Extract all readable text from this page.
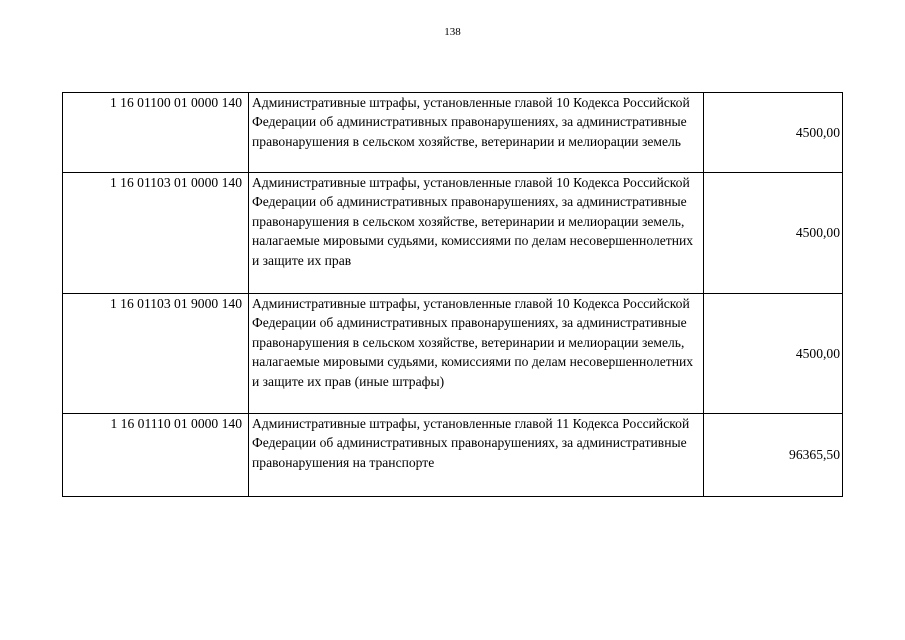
138
1 16 01100 01 0000 140	Административные штрафы, установленные главой 10 Кодекса Российской Федерации об административных правонарушениях, за административные правонарушения в сельском хозяйстве, ветеринарии и мелиорации земель	4500,00
1 16 01103 01 0000 140	Административные штрафы, установленные главой 10 Кодекса Российской Федерации об административных правонарушениях, за административные правонарушения в сельском хозяйстве, ветеринарии и мелиорации земель, налагаемые мировыми судьями, комиссиями по делам несовершеннолетних и защите их прав	4500,00
1 16 01103 01 9000 140	Административные штрафы, установленные главой 10 Кодекса Российской Федерации об административных правонарушениях, за административные правонарушения в сельском хозяйстве, ветеринарии и мелиорации земель, налагаемые мировыми судьями, комиссиями по делам несовершеннолетних и защите их прав (иные штрафы)	4500,00
1 16 01110 01 0000 140	Административные штрафы, установленные главой 11 Кодекса Российской Федерации об административных правонарушениях, за административные правонарушения на транспорте	96365,50
